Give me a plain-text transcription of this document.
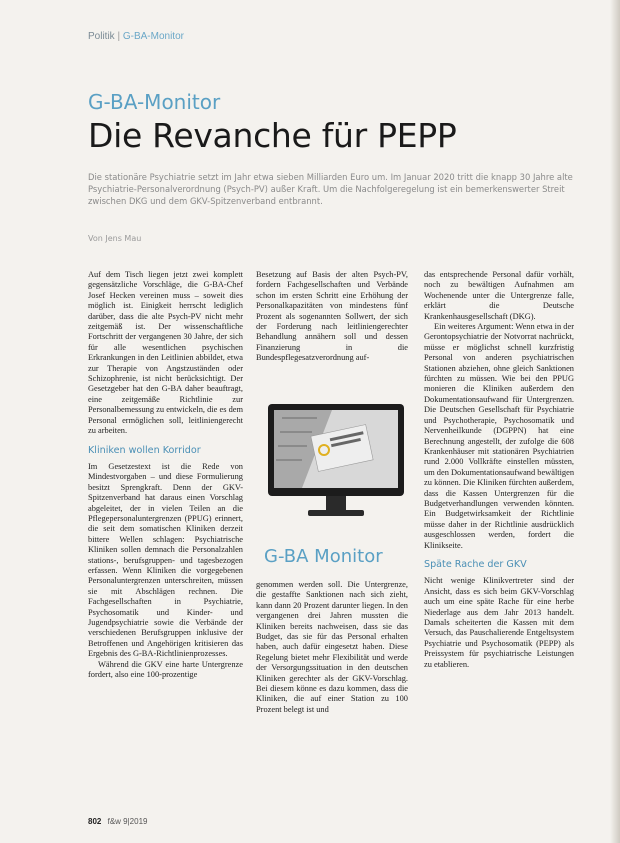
Politik | G-BA-Monitor
G-BA-Monitor
Die Revanche für PEPP
Die stationäre Psychiatrie setzt im Jahr etwa sieben Milliarden Euro um. Im Januar 2020 tritt die knapp 30 Jahre alte Psychiatrie-Personalverordnung (Psych-PV) außer Kraft. Um die Nachfolgeregelung ist ein bemerkenswerter Streit zwischen DKG und dem GKV-Spitzenverband entbrannt.
Von Jens Mau

Auf dem Tisch liegen jetzt zwei komplett gegensätzliche Vorschläge, die G-BA-Chef Josef Hecken vereinen muss – soweit dies möglich ist. Einigkeit herrscht lediglich darüber, dass die alte Psych-PV nicht mehr zeitgemäß ist. Der wissenschaftliche Fortschritt der vergangenen 30 Jahre, der sich für alle wesentlichen psychischen Erkrankungen in den Leitlinien abbildet, etwa zur Therapie von Angstzuständen oder Schizophrenie, ist nicht berücksichtigt. Der Gesetzgeber hat den G-BA daher beauftragt, eine zeitgemäße Richtlinie zur Personalbemessung zu entwickeln, die es dem Personal ermöglichen soll, leitliniengerecht zu arbeiten.

Kliniken wollen Korridor

Im Gesetzestext ist die Rede von Mindestvorgaben – und diese Formulierung besitzt Sprengkraft. Denn der GKV-Spitzenverband hat daraus einen Vorschlag abgeleitet, der in vielen Teilen an die Pflegepersonaluntergrenzen (PPUG) erinnert, die seit dem somatischen Kliniken derzeit bittere Wellen schlagen: Psychiatrische Kliniken sollen demnach die Personalzahlen stations-, berufsgruppen- und tagesbezogen erfassen. Wenn Kliniken die vorgegebenen Personaluntergrenzen unterschreiten, müssen sie mit Abschlägen rechnen. Die Fachgesellschaften in Psychiatrie, Psychosomatik und Kinder- und Jugendpsychiatrie sowie die Verbände der verschiedenen Berufsgruppen inklusive der Betroffenen und Angehörigen kritisieren das Ergebnis des G-BA-Richtlinienprozesses.

Während die GKV eine harte Untergrenze fordert, also eine 100-prozentige

Besetzung auf Basis der alten Psych-PV, fordern Fachgesellschaften und Verbände schon im ersten Schritt eine Erhöhung der Personalkapazitäten von mindestens fünf Prozent als sogenannten Sollwert, der sich der Forderung nach leitliniengerechter Behandlung annähern soll und dessen Finanzierung in die Bundespflegesatzverordnung auf-

G-BA Monitor

genommen werden soll. Die Untergrenze, die gestaffte Sanktionen nach sich zieht, kann dann 20 Prozent darunter liegen. In den vergangenen drei Jahren mussten die Kliniken bereits nachweisen, dass sie das Budget, das sie für das Personal erhalten haben, auch dafür eingesetzt haben. Diese Regelung bietet mehr Flexibilität und werde der Versorgungssituation in den deutschen Kliniken gerechter als der GKV-Vorschlag. Bei diesem könne es dazu kommen, dass die Kliniken, die auf einer Station zu 100 Prozent belegt ist und

das entsprechende Personal dafür vorhält, noch zu bewältigen Aufnahmen am Wochenende unter die Untergrenze falle, erklärt die Deutsche Krankenhausgesellschaft (DKG).

Ein weiteres Argument: Wenn etwa in der Gerontopsychiatrie der Notvorrat nachrückt, müsse er möglichst schnell kurzfristig Personal von anderen psychiatrischen Stationen abziehen, ohne gleich Sanktionen fürchten zu müssen. Wie bei den PPUG monieren die Kliniken außerdem den Dokumentationsaufwand für Untergrenzen. Die Deutschen Gesellschaft für Psychiatrie und Psychotherapie, Psychosomatik und Nervenheilkunde (DGPPN) hat eine Berechnung angestellt, der zufolge die 608 Krankenhäuser mit stationären Psychiatrien rund 2.000 Vollkräfte einstellen müssten, um den Dokumentationsaufwand bewältigen zu können. Die Kliniken fürchten außerdem, dass die Kassen Untergrenzen für die Budgetverhandlungen verwenden könnten. Ein Budgetwirksamkeit der Richtlinie müsse daher in der Richtlinie ausdrücklich ausgeschlossen werden, fordert die Klinikseite.

Späte Rache der GKV

Nicht wenige Klinikvertreter sind der Ansicht, dass es sich beim GKV-Vorschlag auch um eine späte Rache für eine herbe Niederlage aus dem Jahr 2013 handelt. Damals scheiterten die Kassen mit dem Versuch, das Pauschalierende Entgeltsystem Psychiatrie und Psychosomatik (PEPP) als Preissystem für psychiatrische Leistungen zu etablieren.

802 f&w 9|2019
